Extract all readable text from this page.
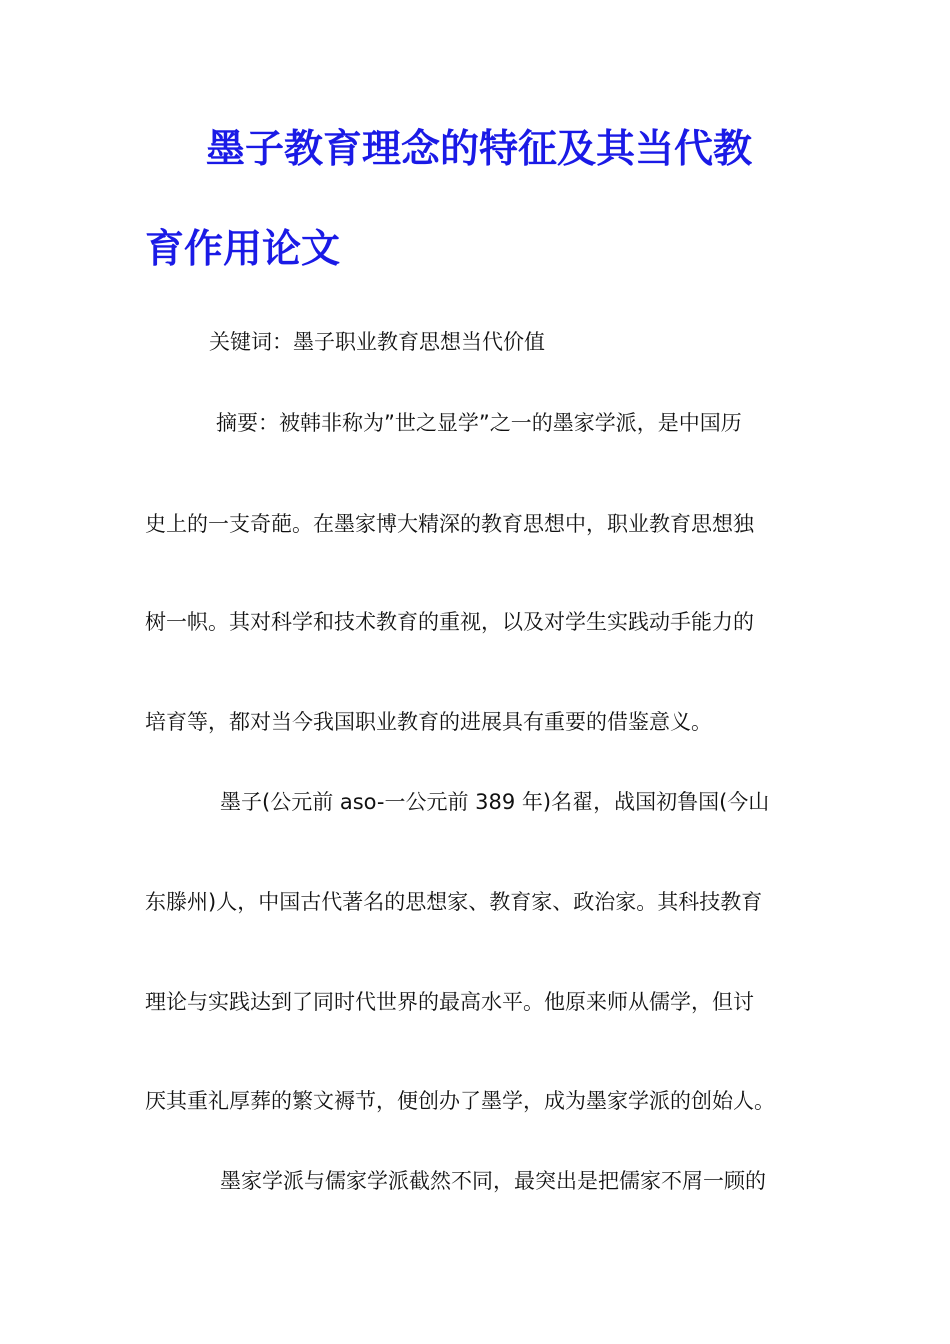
墨子教育理念的特征及其当代教
育作用论文

关键词：墨子职业教育思想当代价值

摘要：被韩非称为”世之显学”之一的墨家学派，是中国历

史上的一支奇葩。在墨家博大精深的教育思想中，职业教育思想独

树一帜。其对科学和技术教育的重视，以及对学生实践动手能力的

培育等，都对当今我国职业教育的进展具有重要的借鉴意义。

墨子(公元前 aso-一公元前 389 年)名翟，战国初鲁国(今山

东滕州)人，中国古代著名的思想家、教育家、政治家。其科技教育

理论与实践达到了同时代世界的最高水平。他原来师从儒学，但讨

厌其重礼厚葬的繁文褥节，便创办了墨学，成为墨家学派的创始人。

墨家学派与儒家学派截然不同，最突出是把儒家不屑一顾的
